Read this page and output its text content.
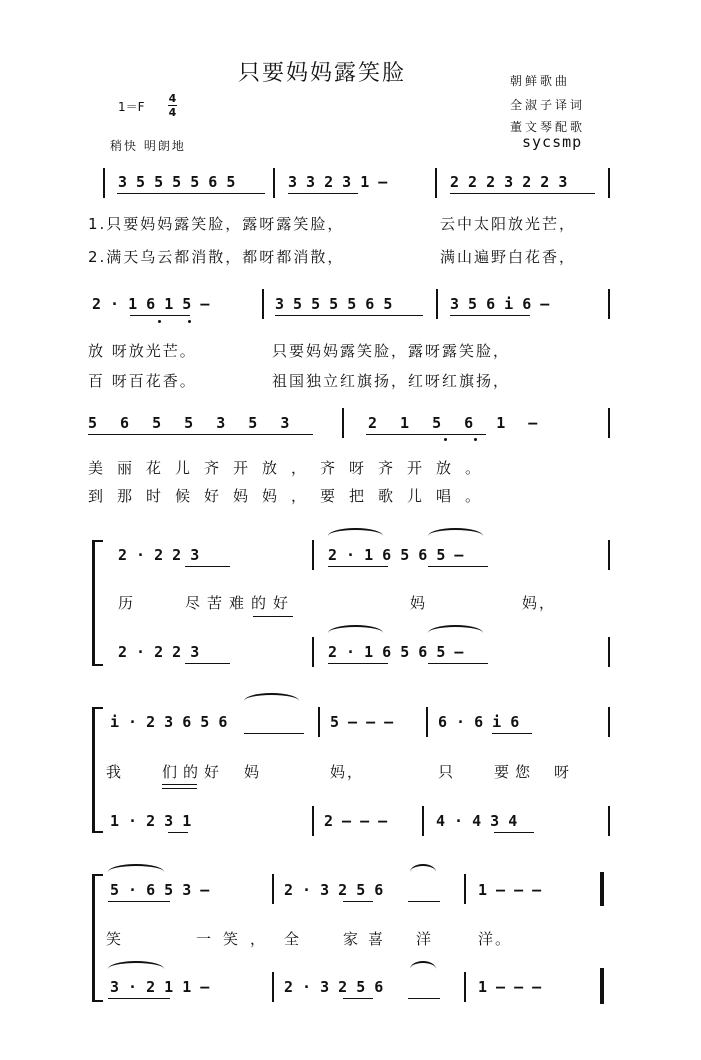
只要妈妈露笑脸	朝鲜歌曲
全淑子译词
董文琴配歌
sycsmp
1＝F
4
4
稍快 明朗地
3 5 5 5 5 6 5	3 3 2 3 1 –	2 2 2 3 2 2 3
1.只要妈妈露笑脸，露呀露笑脸，	云中太阳放光芒，
2.满天乌云都消散，都呀都消散，	满山遍野白花香，
2 · 1 6 1 5 –	3 5 5 5 5 6 5	3 5 6 i 6 –
放 呀放光芒。	只要妈妈露笑脸，露呀露笑脸，
百 呀百花香。	祖国独立红旗扬，红呀红旗扬，
5 6 5 5 3 5 3	2 1 5 6 1 –
美丽花儿齐开放，齐呀齐开放。
到那时候好妈妈，要把歌儿唱。
2 · 2 2 3	2 · 1 6 5 6 5 –
历	尽苦难的好	妈	妈，
2 · 2 2 3	2 · 1 6 5 6 5 –
i · 2 3 6 5 6	5 – – –	6 · 6 i 6
我	们的好 妈	妈，	只	要您 呀
1 · 2 3 1	2 – – –	4 · 4 3 4
5 · 6 5 3 –	2 · 3 2 5 6	1 – – –
笑	一笑， 全	家喜 洋	洋。
3 · 2 1 1 –	2 · 3 2 5 6	1 – – –
